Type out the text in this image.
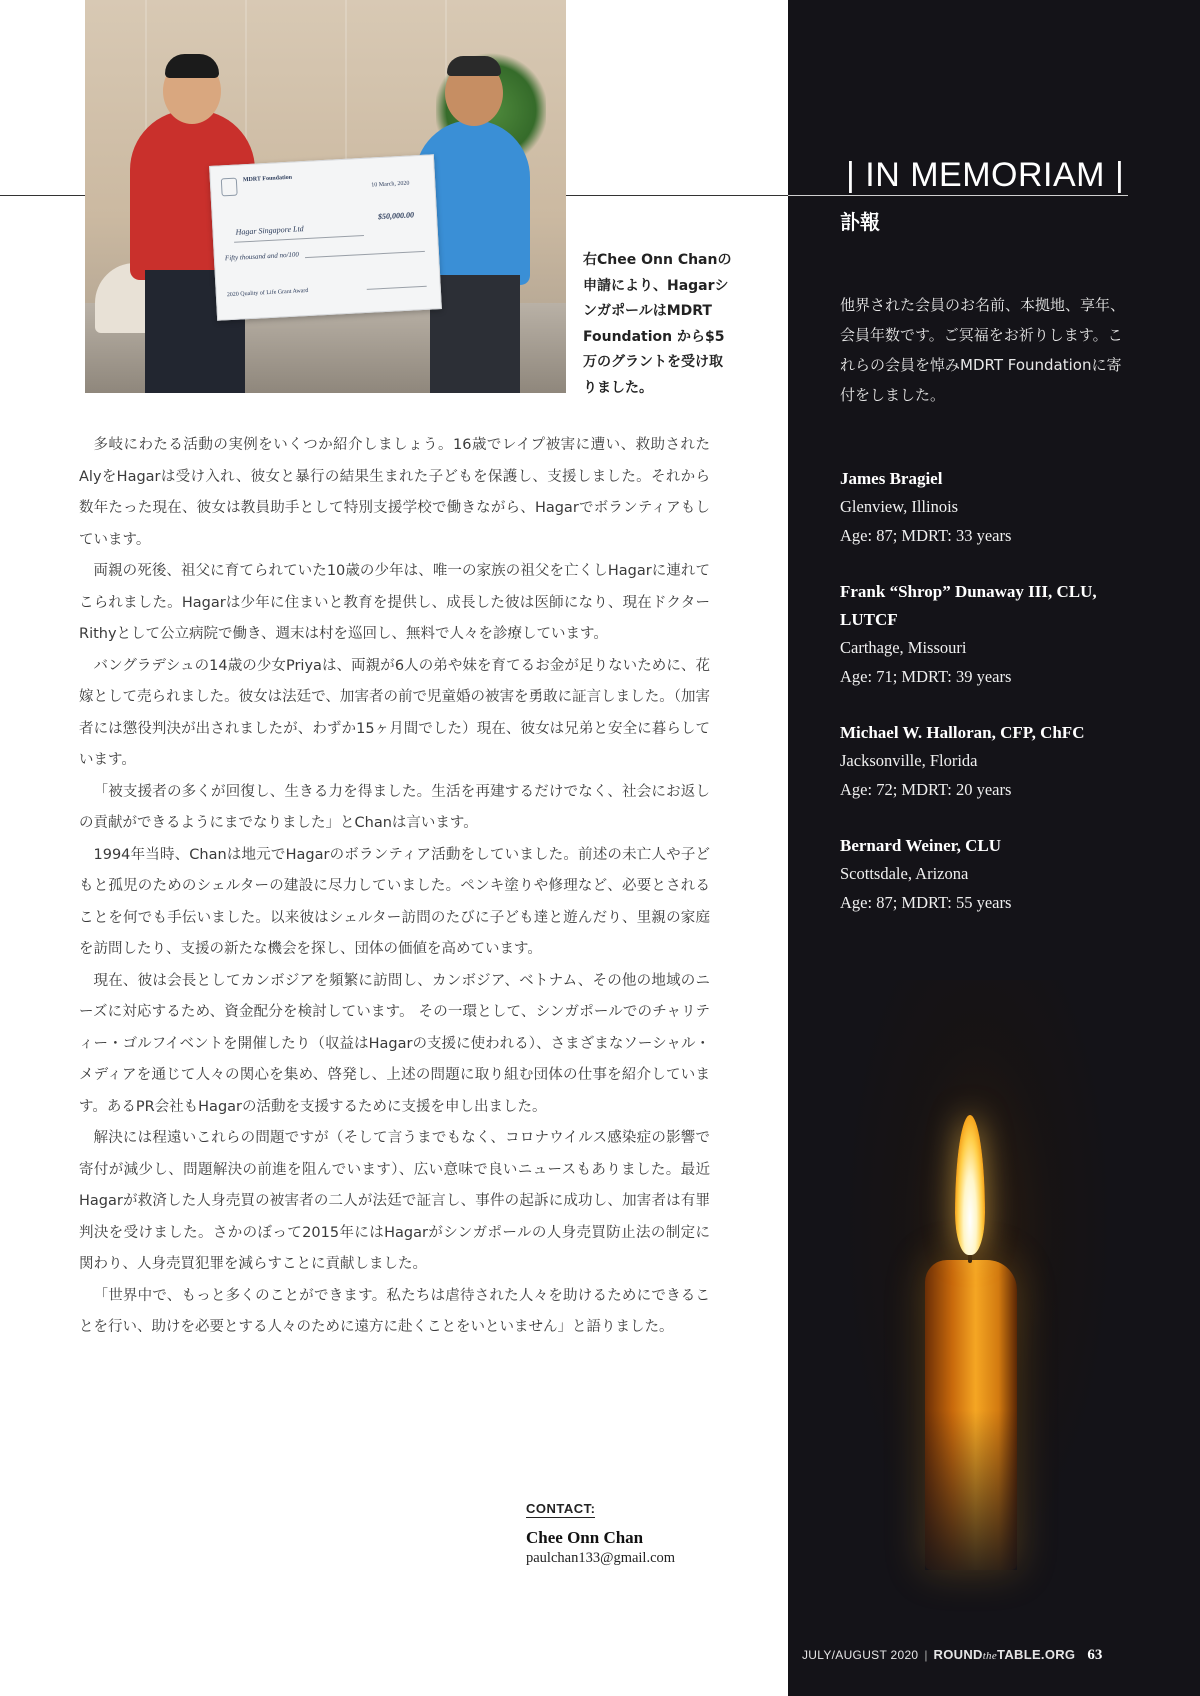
MDRT Foundation
10 March, 2020
Hagar Singapore Ltd
$50,000.00
Fifty thousand and no/100
2020 Quality of Life Grant Award
右Chee Onn Chanの申請により、HagarシンガポールはMDRT Foundation から$5万のグラントを受け取りました。

多岐にわたる活動の実例をいくつか紹介しましょう。16歳でレイプ被害に遭い、救助されたAlyをHagarは受け入れ、彼女と暴行の結果生まれた子どもを保護し、支援しました。それから数年たった現在、彼女は教員助手として特別支援学校で働きながら、Hagarでボランティアもしています。

両親の死後、祖父に育てられていた10歳の少年は、唯一の家族の祖父を亡くしHagarに連れてこられました。Hagarは少年に住まいと教育を提供し、成長した彼は医師になり、現在ドクターRithyとして公立病院で働き、週末は村を巡回し、無料で人々を診療しています。

バングラデシュの14歳の少女Priyaは、両親が6人の弟や妹を育てるお金が足りないために、花嫁として売られました。彼女は法廷で、加害者の前で児童婚の被害を勇敢に証言しました。（加害者には懲役判決が出されましたが、わずか15ヶ月間でした）現在、彼女は兄弟と安全に暮らしています。

「被支援者の多くが回復し、生きる力を得ました。生活を再建するだけでなく、社会にお返しの貢献ができるようにまでなりました」とChanは言います。

1994年当時、Chanは地元でHagarのボランティア活動をしていました。前述の未亡人や子どもと孤児のためのシェルターの建設に尽力していました。ペンキ塗りや修理など、必要とされることを何でも手伝いました。以来彼はシェルター訪問のたびに子ども達と遊んだり、里親の家庭を訪問したり、支援の新たな機会を探し、団体の価値を高めています。

現在、彼は会長としてカンボジアを頻繁に訪問し、カンボジア、ベトナム、その他の地域のニーズに対応するため、資金配分を検討しています。 その一環として、シンガポールでのチャリティー・ゴルフイベントを開催したり（収益はHagarの支援に使われる）、さまざまなソーシャル・メディアを通じて人々の関心を集め、啓発し、上述の問題に取り組む団体の仕事を紹介しています。あるPR会社もHagarの活動を支援するために支援を申し出ました。

解決には程遠いこれらの問題ですが（そして言うまでもなく、コロナウイルス感染症の影響で寄付が減少し、問題解決の前進を阻んでいます）、広い意味で良いニュースもありました。最近Hagarが救済した人身売買の被害者の二人が法廷で証言し、事件の起訴に成功し、加害者は有罪判決を受けました。さかのぼって2015年にはHagarがシンガポールの人身売買防止法の制定に関わり、人身売買犯罪を減らすことに貢献しました。

「世界中で、もっと多くのことができます。私たちは虐待された人々を助けるためにできることを行い、助けを必要とする人々のために遠方に赴くことをいといません」と語りました。

CONTACT:
Chee Onn Chan
paulchan133@gmail.com
| IN MEMORIAM |
訃報
他界された会員のお名前、本拠地、享年、会員年数です。ご冥福をお祈りします。これらの会員を悼みMDRT Foundationに寄付をしました。
James Bragiel
Glenview, Illinois
Age: 87; MDRT: 33 years
Frank “Shrop” Dunaway III, CLU, LUTCF
Carthage, Missouri
Age: 71; MDRT: 39 years
Michael W. Halloran, CFP, ChFC
Jacksonville, Florida
Age: 72; MDRT: 20 years
Bernard Weiner, CLU
Scottsdale, Arizona
Age: 87; MDRT: 55 years
JULY/AUGUST 2020 | ROUNDtheTABLE.ORG 63
